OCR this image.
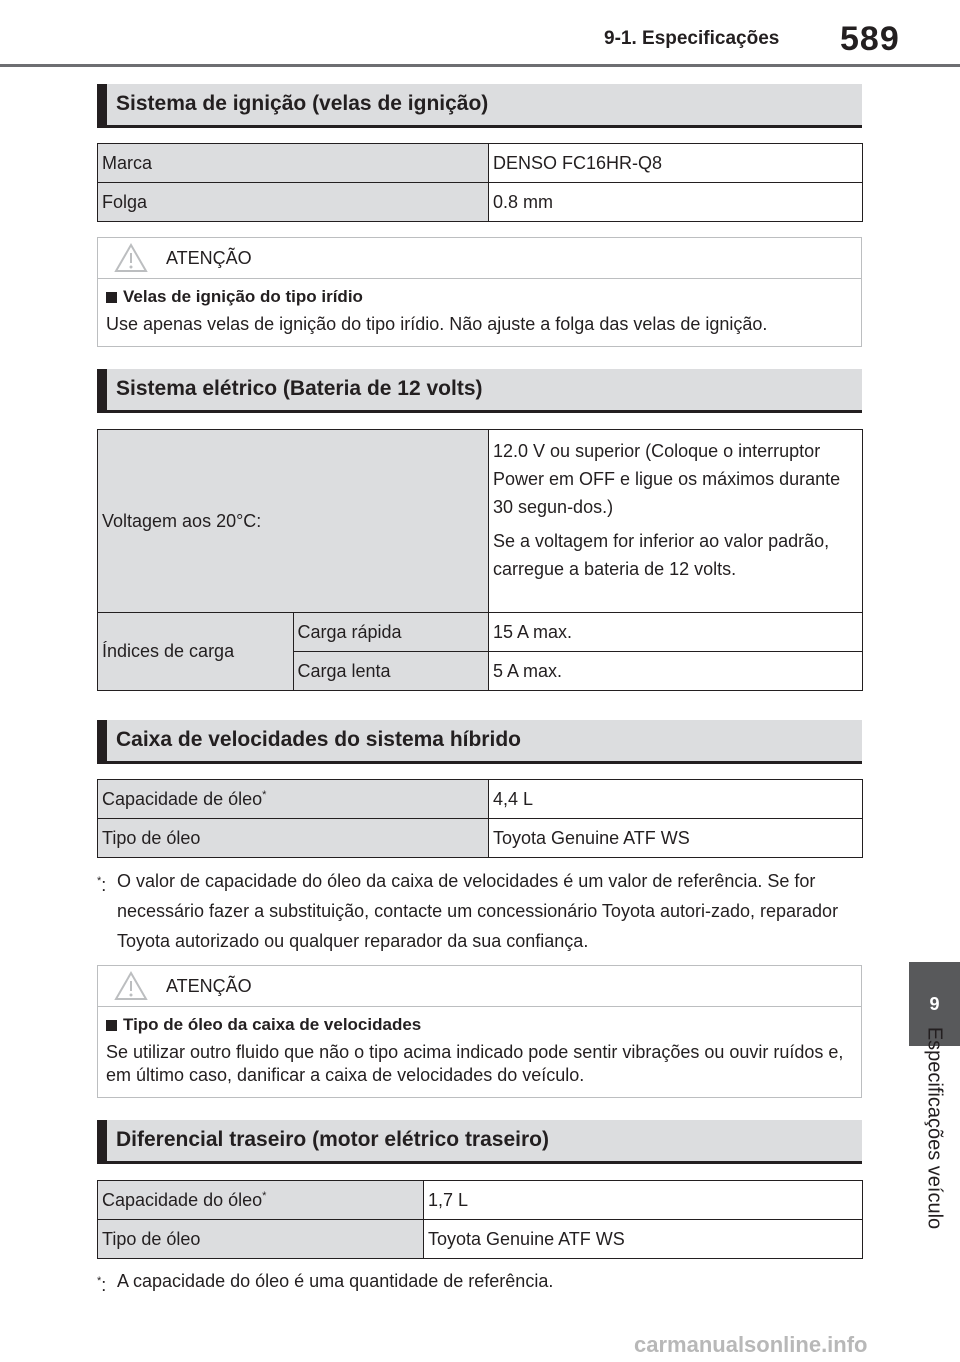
9-1. Especificações 589
9
Especificações veículo
Sistema de ignição (velas de ignição)
Marca	DENSO FC16HR-Q8
Folga	0.8 mm
ATENÇÃO
Velas de ignição do tipo irídio
Use apenas velas de ignição do tipo irídio. Não ajuste a folga das velas de ignição.
Sistema elétrico (Bateria de 12 volts)
Voltagem aos 20°C:		12.0 V ou superior (Coloque o interruptor Power em OFF e ligue os máximos durante 30 segun-dos.)
Se a voltagem for inferior ao valor padrão, carregue a bateria de 12 volts.

Índices de carga	Carga rápida	15 A max.
	Carga lenta	5 A max.
Caixa de velocidades do sistema híbrido
Capacidade de óleo*	4,4 L
Tipo de óleo	Toyota Genuine ATF WS
*: O valor de capacidade do óleo da caixa de velocidades é um valor de referência. Se for necessário fazer a substituição, contacte um concessionário Toyota autori-zado, reparador Toyota autorizado ou qualquer reparador da sua confiança.
ATENÇÃO
Tipo de óleo da caixa de velocidades
Se utilizar outro fluido que não o tipo acima indicado pode sentir vibrações ou ouvir ruídos e, em último caso, danificar a caixa de velocidades do veículo.
Diferencial traseiro (motor elétrico traseiro)
Capacidade do óleo*	1,7 L
Tipo de óleo	Toyota Genuine ATF WS
*: A capacidade do óleo é uma quantidade de referência.
carmanualsonline.info
